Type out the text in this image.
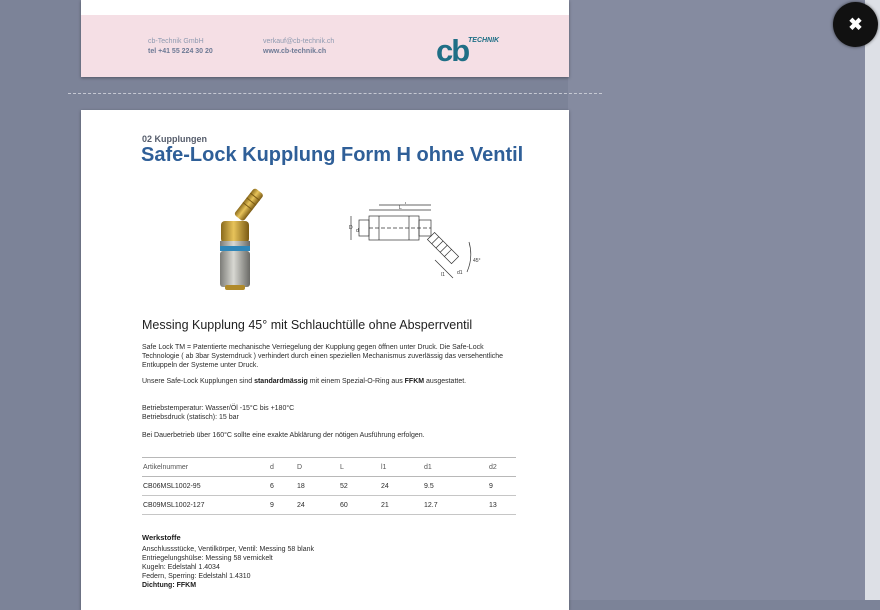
cb-Technik GmbH
tel +41 55 224 30 20
verkauf@cb-technik.ch
www.cb-technik.ch	cb TECHNIK
02 Kupplungen
Safe-Lock Kupplung Form H ohne Ventil
D d
L
l
l1 d1
45°
Messing Kupplung 45° mit Schlauchtülle ohne Absperrventil
Safe Lock TM = Patentierte mechanische Verriegelung der Kupplung gegen öffnen unter Druck. Die Safe-Lock Technologie ( ab 3bar Systemdruck ) verhindert durch einen speziellen Mechanismus zuverlässig das versehentliche Entkuppeln der Systeme unter Druck.
Unsere Safe-Lock Kupplungen sind standardmässig mit einem Spezial-O-Ring aus FFKM ausgestattet.
Betriebstemperatur: Wasser/Öl -15°C bis +180°C
Betriebsdruck (statisch): 15 bar
Bei Dauerbetrieb über 160°C sollte eine exakte Abklärung der nötigen Ausführung erfolgen.
Artikelnummer	d	D	L	l1	d1	d2
CB06MSL1002-95	6	18	52	24	9.5	9
CB09MSL1002-127	9	24	60	21	12.7	13
Werkstoffe
Anschlussstücke, Ventilkörper, Ventil: Messing 58 blank
Entriegelungshülse: Messing 58 vernickelt
Kugeln: Edelstahl 1.4034
Federn, Sperring: Edelstahl 1.4310
Dichtung: FFKM
✖
